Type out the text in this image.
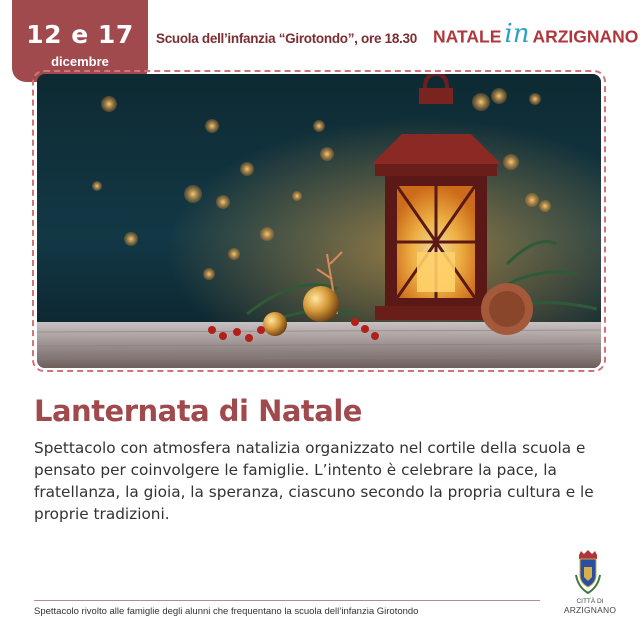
12 e 17
dicembre
Scuola dell’infanzia “Girotondo”, ore 18.30 NATALE in ARZIGNANO
Lanternata di Natale

Spettacolo con atmosfera natalizia organizzato nel cortile della scuola e pensato per coinvolgere le famiglie. L’intento è celebrare la pace, la fratellanza, la gioia, la speranza, ciascuno secondo la propria cultura e le proprie tradizioni.

Spettacolo rivolto alle famiglie degli alunni che frequentano la scuola dell’infanzia Girotondo
CITTÀ DI
ARZIGNANO
